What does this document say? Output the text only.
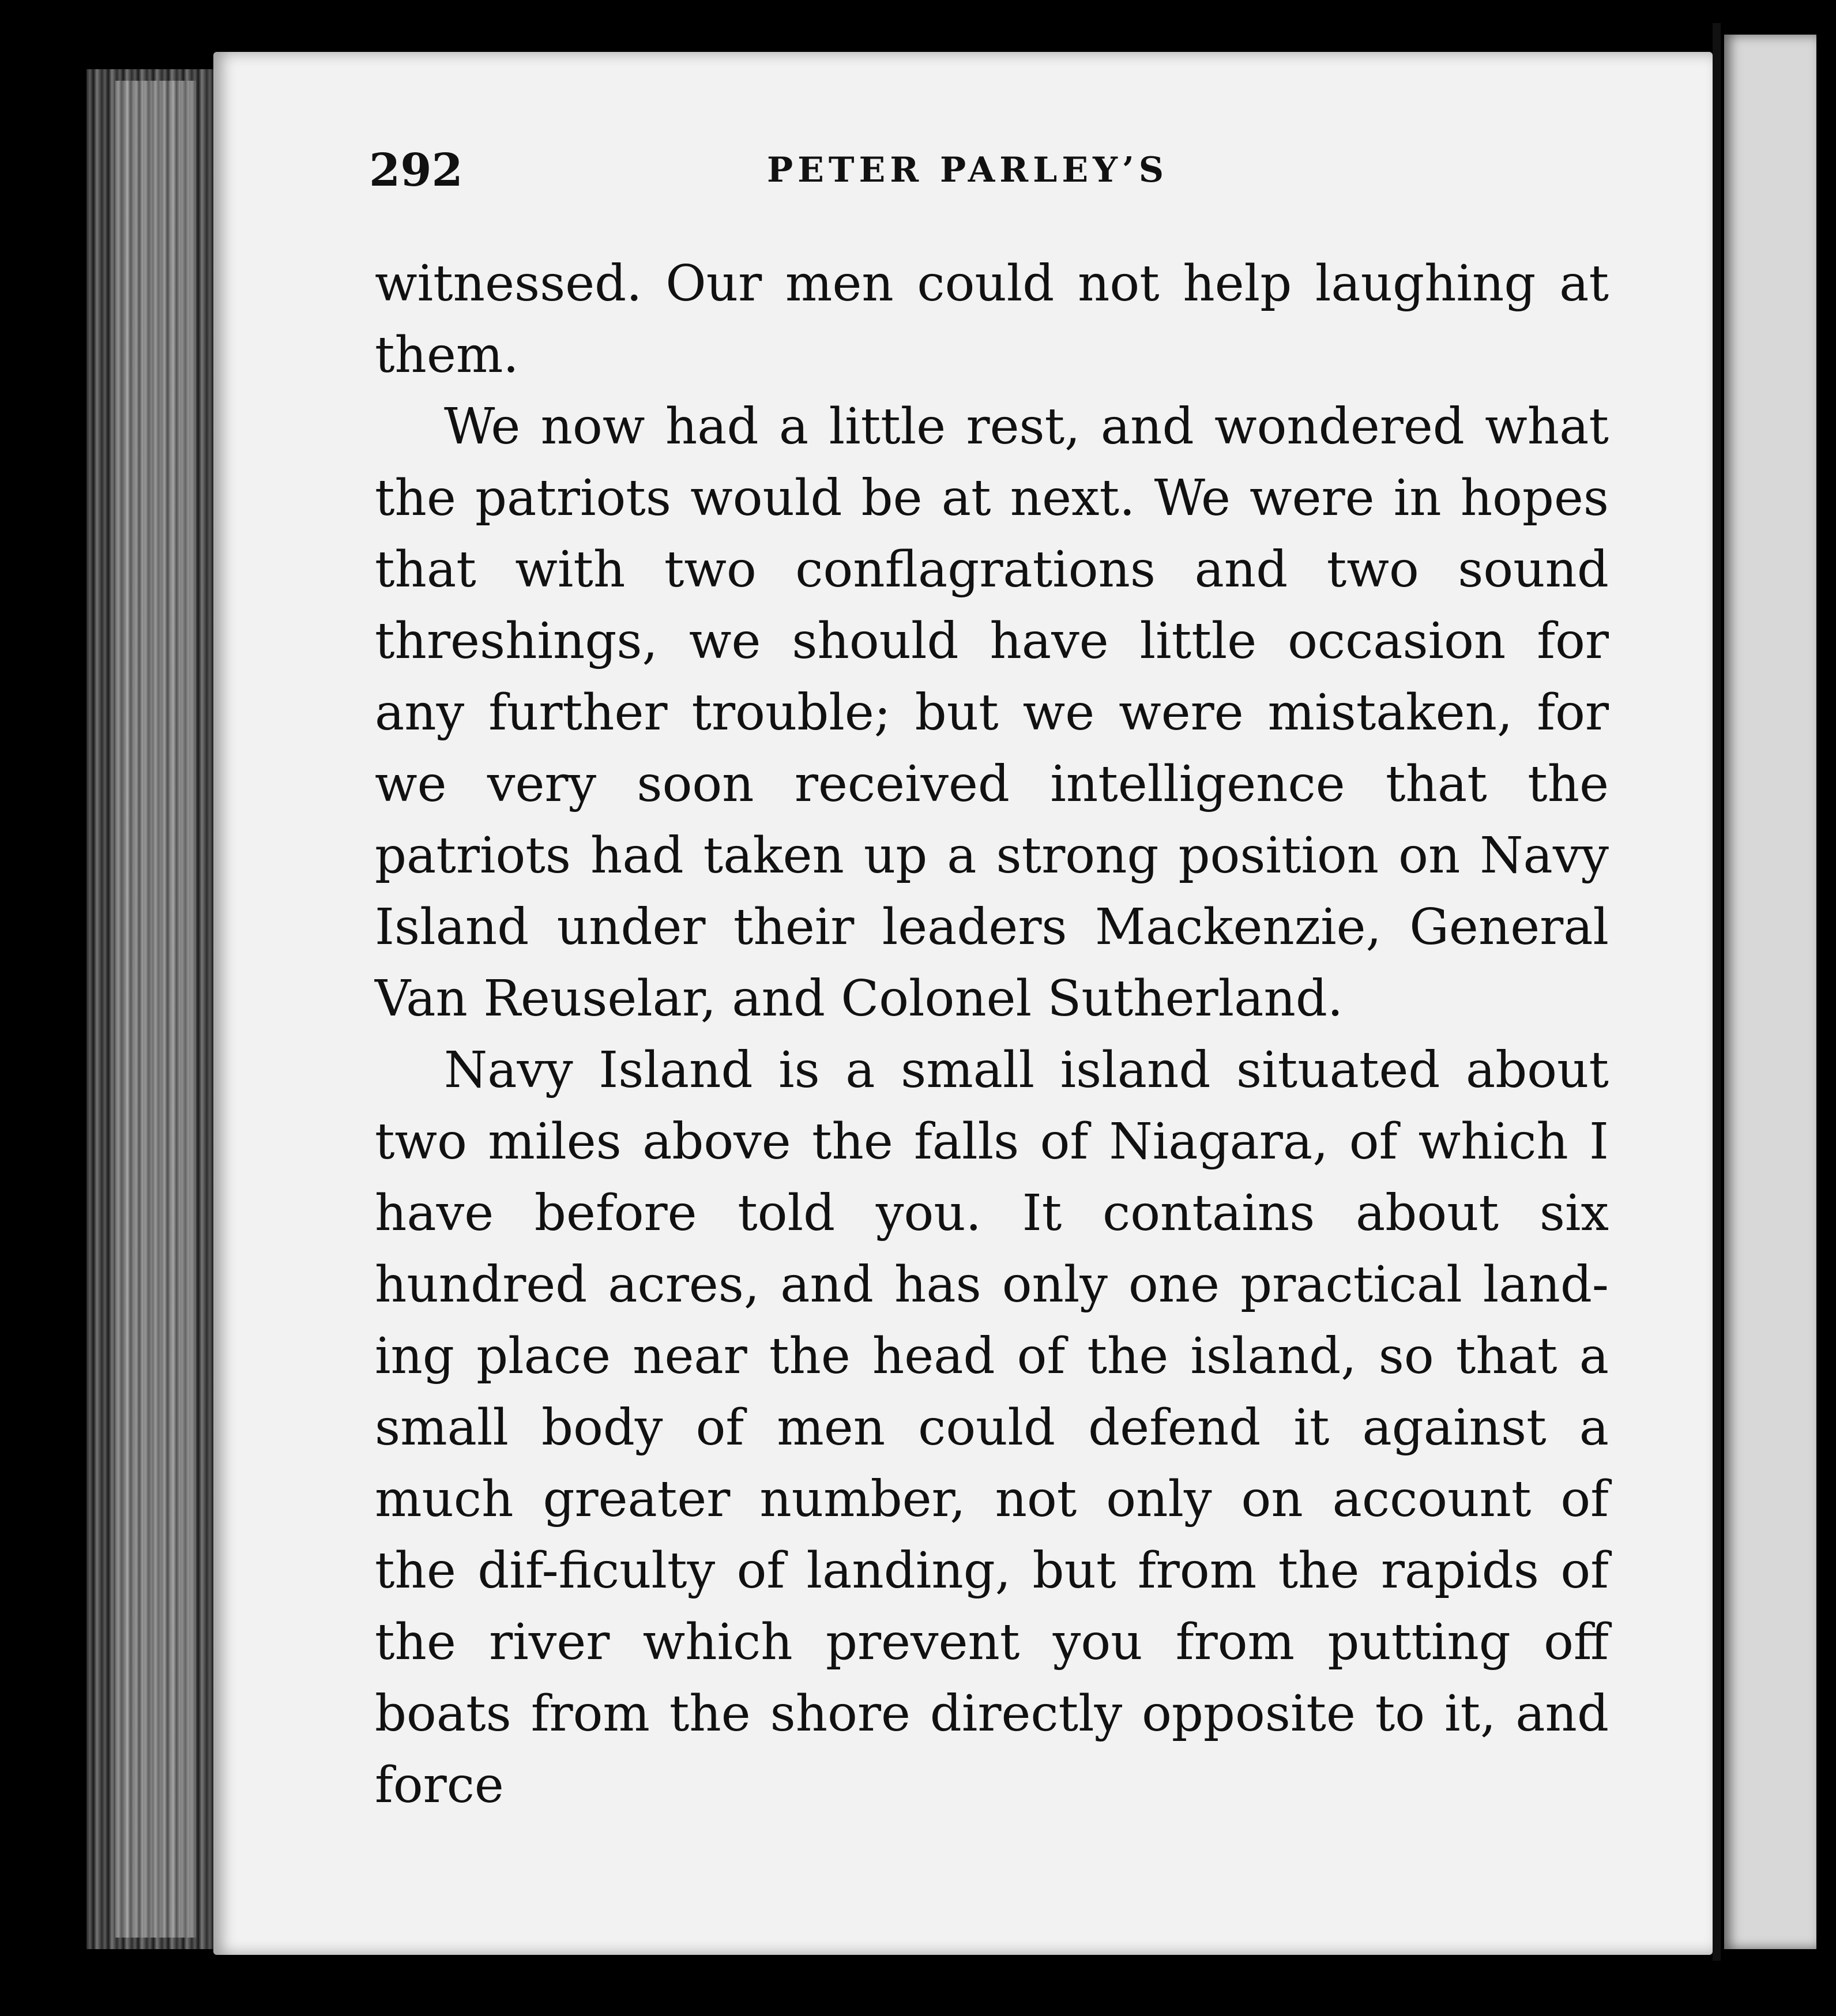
292	PETER PARLEY’S

witnessed. Our men could not help laughing at them.

We now had a little rest, and wondered what the patriots would be at next. We were in hopes that with two conflagrations and two sound threshings, we should have little occasion for any further trouble; but we were mistaken, for we very soon received intelligence that the patriots had taken up a strong position on Navy Island under their leaders Mackenzie, General Van Reuselar, and Colonel Sutherland.

Navy Island is a small island situated about two miles above the falls of Niagara, of which I have before told you. It contains about six hundred acres, and has only one practical land-ing place near the head of the island, so that a small body of men could defend it against a much greater number, not only on account of the dif-ficulty of landing, but from the rapids of the river which prevent you from putting off boats from the shore directly opposite to it, and force
